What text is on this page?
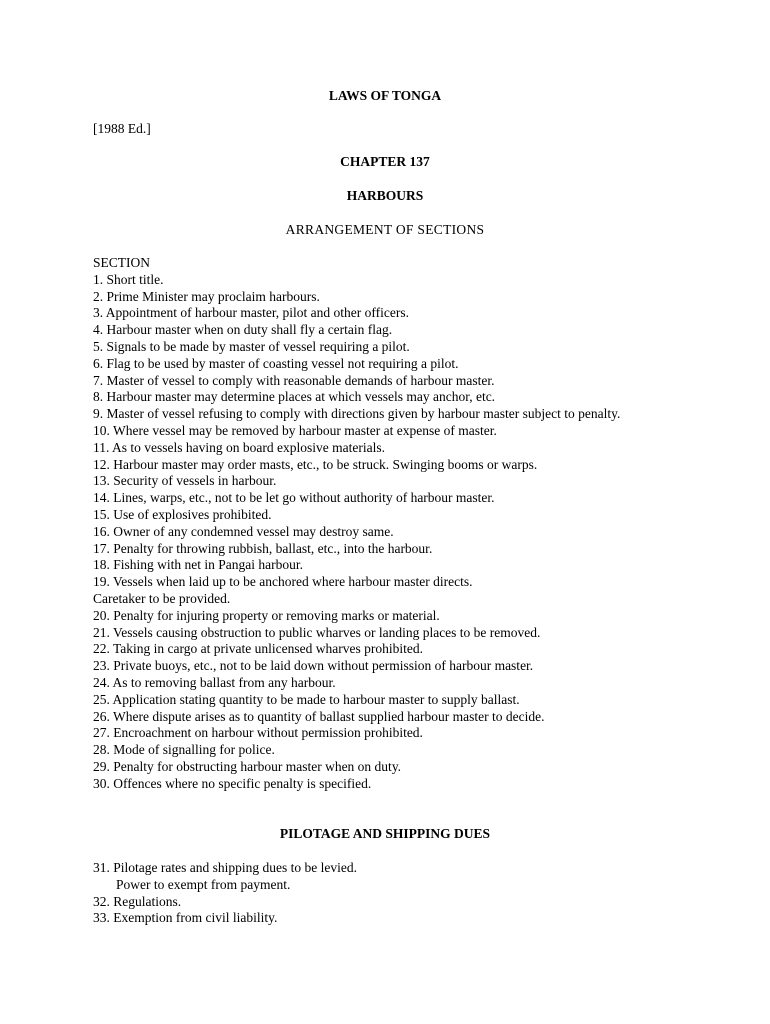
LAWS OF TONGA
[1988 Ed.]
CHAPTER 137
HARBOURS
ARRANGEMENT OF SECTIONS
SECTION
1. Short title.
2. Prime Minister may proclaim harbours.
3. Appointment of harbour master, pilot and other officers.
4. Harbour master when on duty shall fly a certain flag.
5. Signals to be made by master of vessel requiring a pilot.
6. Flag to be used by master of coasting vessel not requiring a pilot.
7. Master of vessel to comply with reasonable demands of harbour master.
8. Harbour master may determine places at which vessels may anchor, etc.
9. Master of vessel refusing to comply with directions given by harbour master subject to penalty.
10. Where vessel may be removed by harbour master at expense of master.
11. As to vessels having on board explosive materials.
12. Harbour master may order masts, etc., to be struck. Swinging booms or warps.
13. Security of vessels in harbour.
14. Lines, warps, etc., not to be let go without authority of harbour master.
15. Use of explosives prohibited.
16. Owner of any condemned vessel may destroy same.
17. Penalty for throwing rubbish, ballast, etc., into the harbour.
18. Fishing with net in Pangai harbour.
19. Vessels when laid up to be anchored where harbour master directs.
Caretaker to be provided.
20. Penalty for injuring property or removing marks or material.
21. Vessels causing obstruction to public wharves or landing places to be removed.
22. Taking in cargo at private unlicensed wharves prohibited.
23. Private buoys, etc., not to be laid down without permission of harbour master.
24. As to removing ballast from any harbour.
25. Application stating quantity to be made to harbour master to supply ballast.
26. Where dispute arises as to quantity of ballast supplied harbour master to decide.
27. Encroachment on harbour without permission prohibited.
28. Mode of signalling for police.
29. Penalty for obstructing harbour master when on duty.
30. Offences where no specific penalty is specified.
PILOTAGE AND SHIPPING DUES
31. Pilotage rates and shipping dues to be levied.
Power to exempt from payment.
32. Regulations.
33. Exemption from civil liability.
